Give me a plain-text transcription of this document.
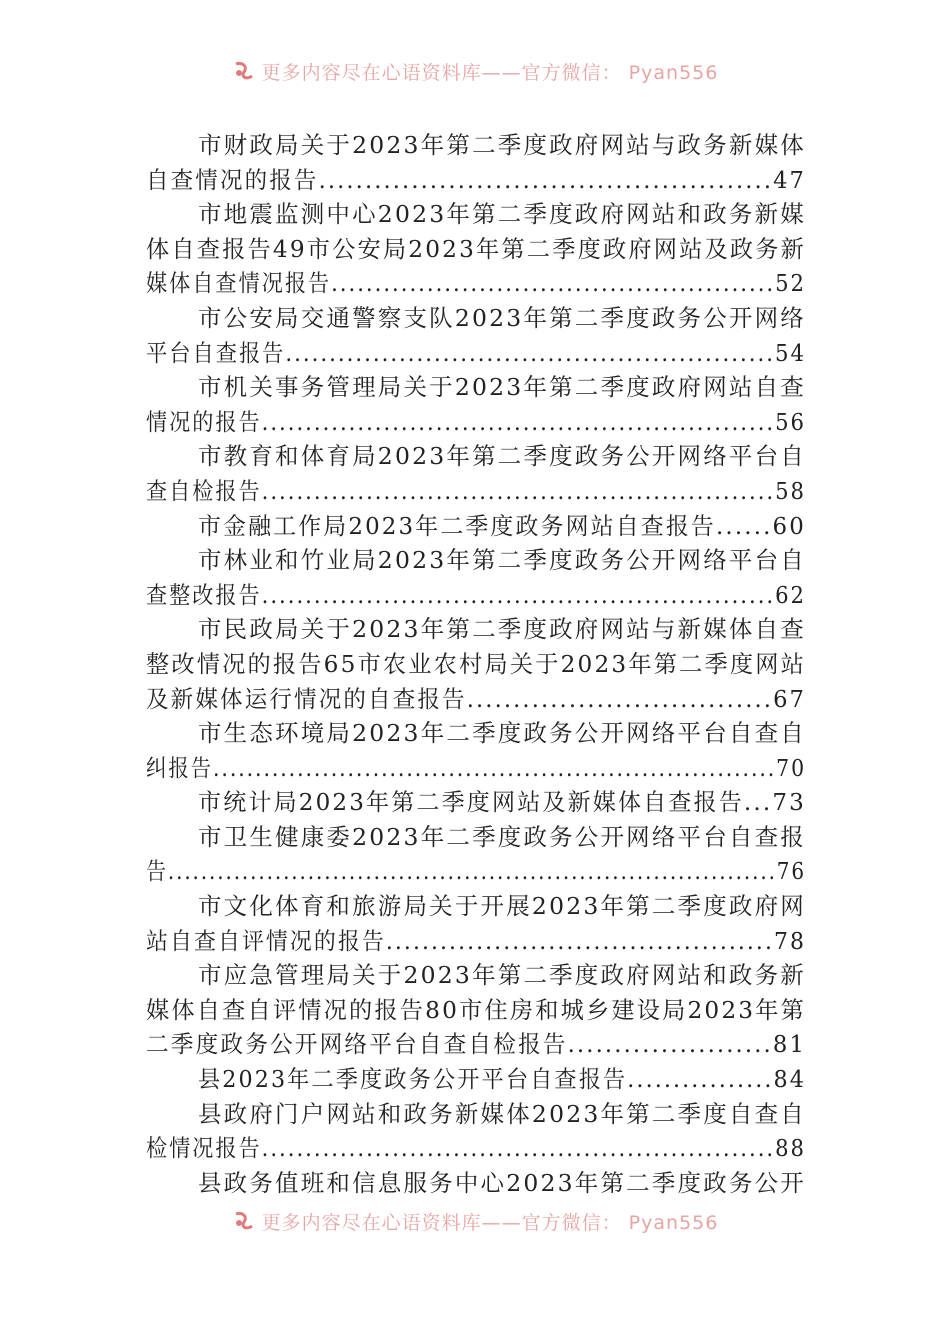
更多内容尽在心语资料库——官方微信： Pyan556
市财政局关于2023年第二季度政府网站与政务新媒体
自查情况的报告.................................................47
市地震监测中心2023年第二季度政府网站和政务新媒
体自查报告49市公安局2023年第二季度政府网站及政务新
媒体自查情况报告...................................................52
市公安局交通警察支队2023年第二季度政务公开网络
平台自查报告........................................................54
市机关事务管理局关于2023年第二季度政府网站自查
情况的报告...........................................................56
市教育和体育局2023年第二季度政务公开网络平台自
查自检报告...........................................................58
市金融工作局2023年二季度政务网站自查报告......60
市林业和竹业局2023年第二季度政务公开网络平台自
查整改报告...........................................................62
市民政局关于2023年第二季度政府网站与新媒体自查
整改情况的报告65市农业农村局关于2023年第二季度网站
及新媒体运行情况的自查报告.................................67
市生态环境局2023年二季度政务公开网络平台自查自
纠报告...................................................................70
市统计局2023年第二季度网站及新媒体自查报告...73
市卫生健康委2023年二季度政务公开网络平台自查报
告..........................................................................76
市文化体育和旅游局关于开展2023年第二季度政府网
站自查自评情况的报告...........................................78
市应急管理局关于2023年第二季度政府网站和政务新
媒体自查自评情况的报告80市住房和城乡建设局2023年第
二季度政务公开网络平台自查自检报告......................81
县2023年二季度政务公开平台自查报告................84
县政府门户网站和政务新媒体2023年第二季度自查自
检情况报告...........................................................88
县政务值班和信息服务中心2023年第二季度政务公开
更多内容尽在心语资料库——官方微信： Pyan556
